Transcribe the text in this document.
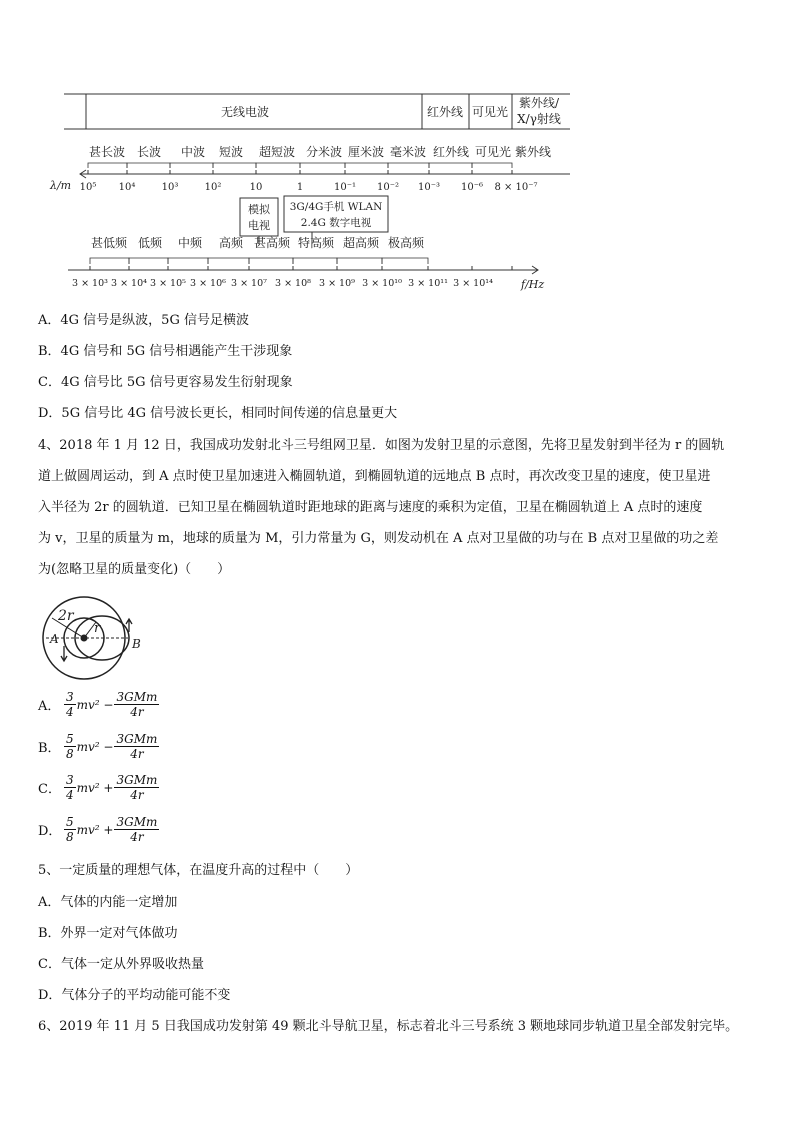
无线电波	红外线 可见光
紫外线/
X/γ射线
甚长波 长波 中波 短波 超短波 分米波 厘米波 毫米波 红外线 可见光 紫外线
λ/m 10⁵ 10⁴	10³	10²	10	1	10⁻¹ 10⁻² 10⁻³ 10⁻⁶ 8 × 10⁻⁷
模拟
电视
3G/4G手机 WLAN
2.4G 数字电视
甚低频 低频 中频 高频 甚高频 特高频 超高频 极高频
3 × 10³ 3 × 10⁴ 3 × 10⁵ 3 × 10⁶ 3 × 10⁷ 3 × 10⁸ 3 × 10⁹ 3 × 10¹⁰ 3 × 10¹¹ 3 × 10¹⁴	f/Hz
A．4G 信号是纵波，5G 信号足横波
B．4G 信号和 5G 信号相遇能产生干涉现象
C．4G 信号比 5G 信号更容易发生衍射现象
D．5G 信号比 4G 信号波长更长，相同时间传递的信息量更大
4、2018 年 1 月 12 日，我国成功发射北斗三号组网卫星．如图为发射卫星的示意图，先将卫星发射到半径为 r 的圆轨
道上做圆周运动，到 A 点时使卫星加速进入椭圆轨道，到椭圆轨道的远地点 B 点时，再次改变卫星的速度，使卫星进
入半径为 2r 的圆轨道．已知卫星在椭圆轨道时距地球的距离与速度的乘积为定值，卫星在椭圆轨道上 A 点时的速度
为 v，卫星的质量为 m，地球的质量为 M，引力常量为 G，则发动机在 A 点对卫星做的功与在 B 点对卫星做的功之差
为(忽略卫星的质量变化)（　　）
2r
r
A	B
A． $\frac{3}{4} mv^2 - \frac{\text{3GMm}}{4r}$
B． $\frac{5}{8} mv^2 - \frac{\text{3GMm}}{4r}$
C． $\frac{3}{4} mv^2 + \frac{\text{3GMm}}{4r}$
D． $\frac{5}{8} mv^2 + \frac{\text{3GMm}}{4r}$
5、一定质量的理想气体，在温度升高的过程中（　　）
A．气体的内能一定增加
B．外界一定对气体做功
C．气体一定从外界吸收热量
D．气体分子的平均动能可能不变
6、2019 年 11 月 5 日我国成功发射第 49 颗北斗导航卫星，标志着北斗三号系统 3 颗地球同步轨道卫星全部发射完毕。
